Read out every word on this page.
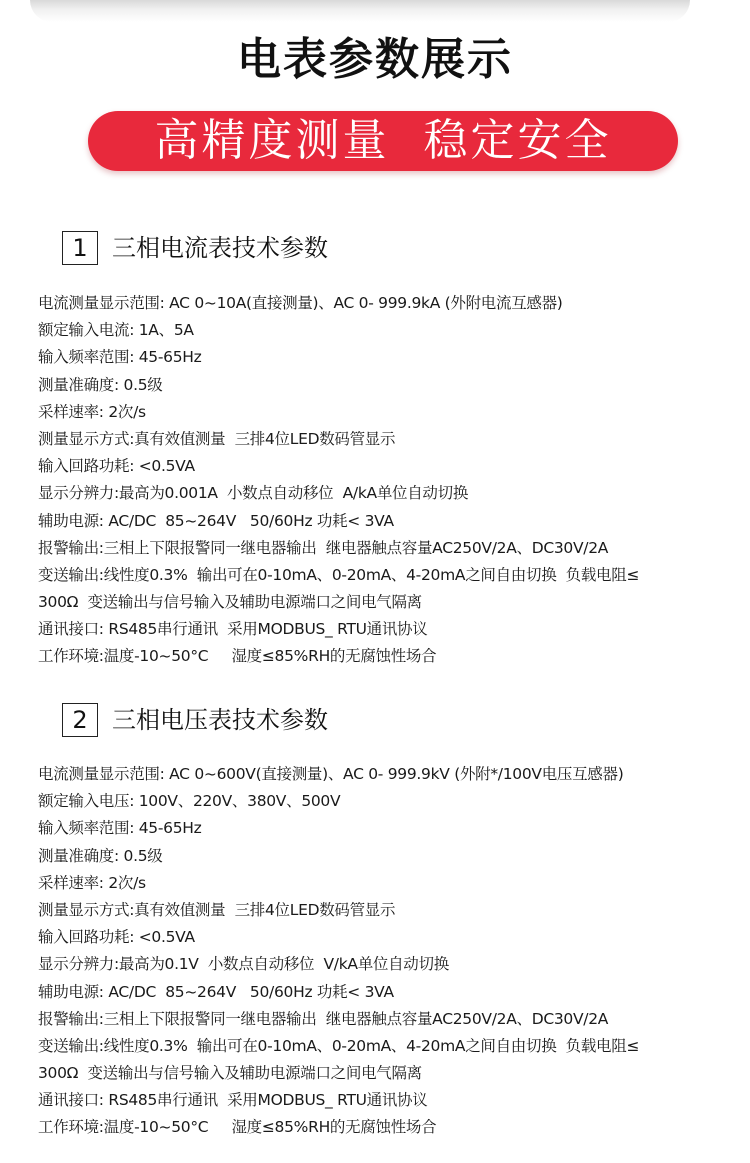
电表参数展示
高精度测量  稳定安全
1	三相电流表技术参数
电流测量显示范围: AC 0~10A(直接测量)、AC 0- 999.9kA (外附电流互感器)
额定输入电流: 1A、5A
输入频率范围: 45-65Hz
测量准确度: 0.5级
采样速率: 2次/s
测量显示方式:真有效值测量  三排4位LED数码管显示
输入回路功耗: <0.5VA
显示分辨力:最高为0.001A  小数点自动移位  A/kA单位自动切换
辅助电源: AC/DC  85~264V   50/60Hz 功耗< 3VA
报警输出:三相上下限报警同一继电器输出  继电器触点容量AC250V/2A、DC30V/2A
变送输出:线性度0.3%  输出可在0-10mA、0-20mA、4-20mA之间自由切换  负载电阻≤
300Ω  变送输出与信号输入及辅助电源端口之间电气隔离
通讯接口: RS485串行通讯  采用MODBUS_ RTU通讯协议
工作环境:温度-10~50°C     湿度≤85%RH的无腐蚀性场合
2	三相电压表技术参数
电流测量显示范围: AC 0~600V(直接测量)、AC 0- 999.9kV (外附*/100V电压互感器)
额定输入电压: 100V、220V、380V、500V
输入频率范围: 45-65Hz
测量准确度: 0.5级
采样速率: 2次/s
测量显示方式:真有效值测量  三排4位LED数码管显示
输入回路功耗: <0.5VA
显示分辨力:最高为0.1V  小数点自动移位  V/kA单位自动切换
辅助电源: AC/DC  85~264V   50/60Hz 功耗< 3VA
报警输出:三相上下限报警同一继电器输出  继电器触点容量AC250V/2A、DC30V/2A
变送输出:线性度0.3%  输出可在0-10mA、0-20mA、4-20mA之间自由切换  负载电阻≤
300Ω  变送输出与信号输入及辅助电源端口之间电气隔离
通讯接口: RS485串行通讯  采用MODBUS_ RTU通讯协议
工作环境:温度-10~50°C     湿度≤85%RH的无腐蚀性场合
